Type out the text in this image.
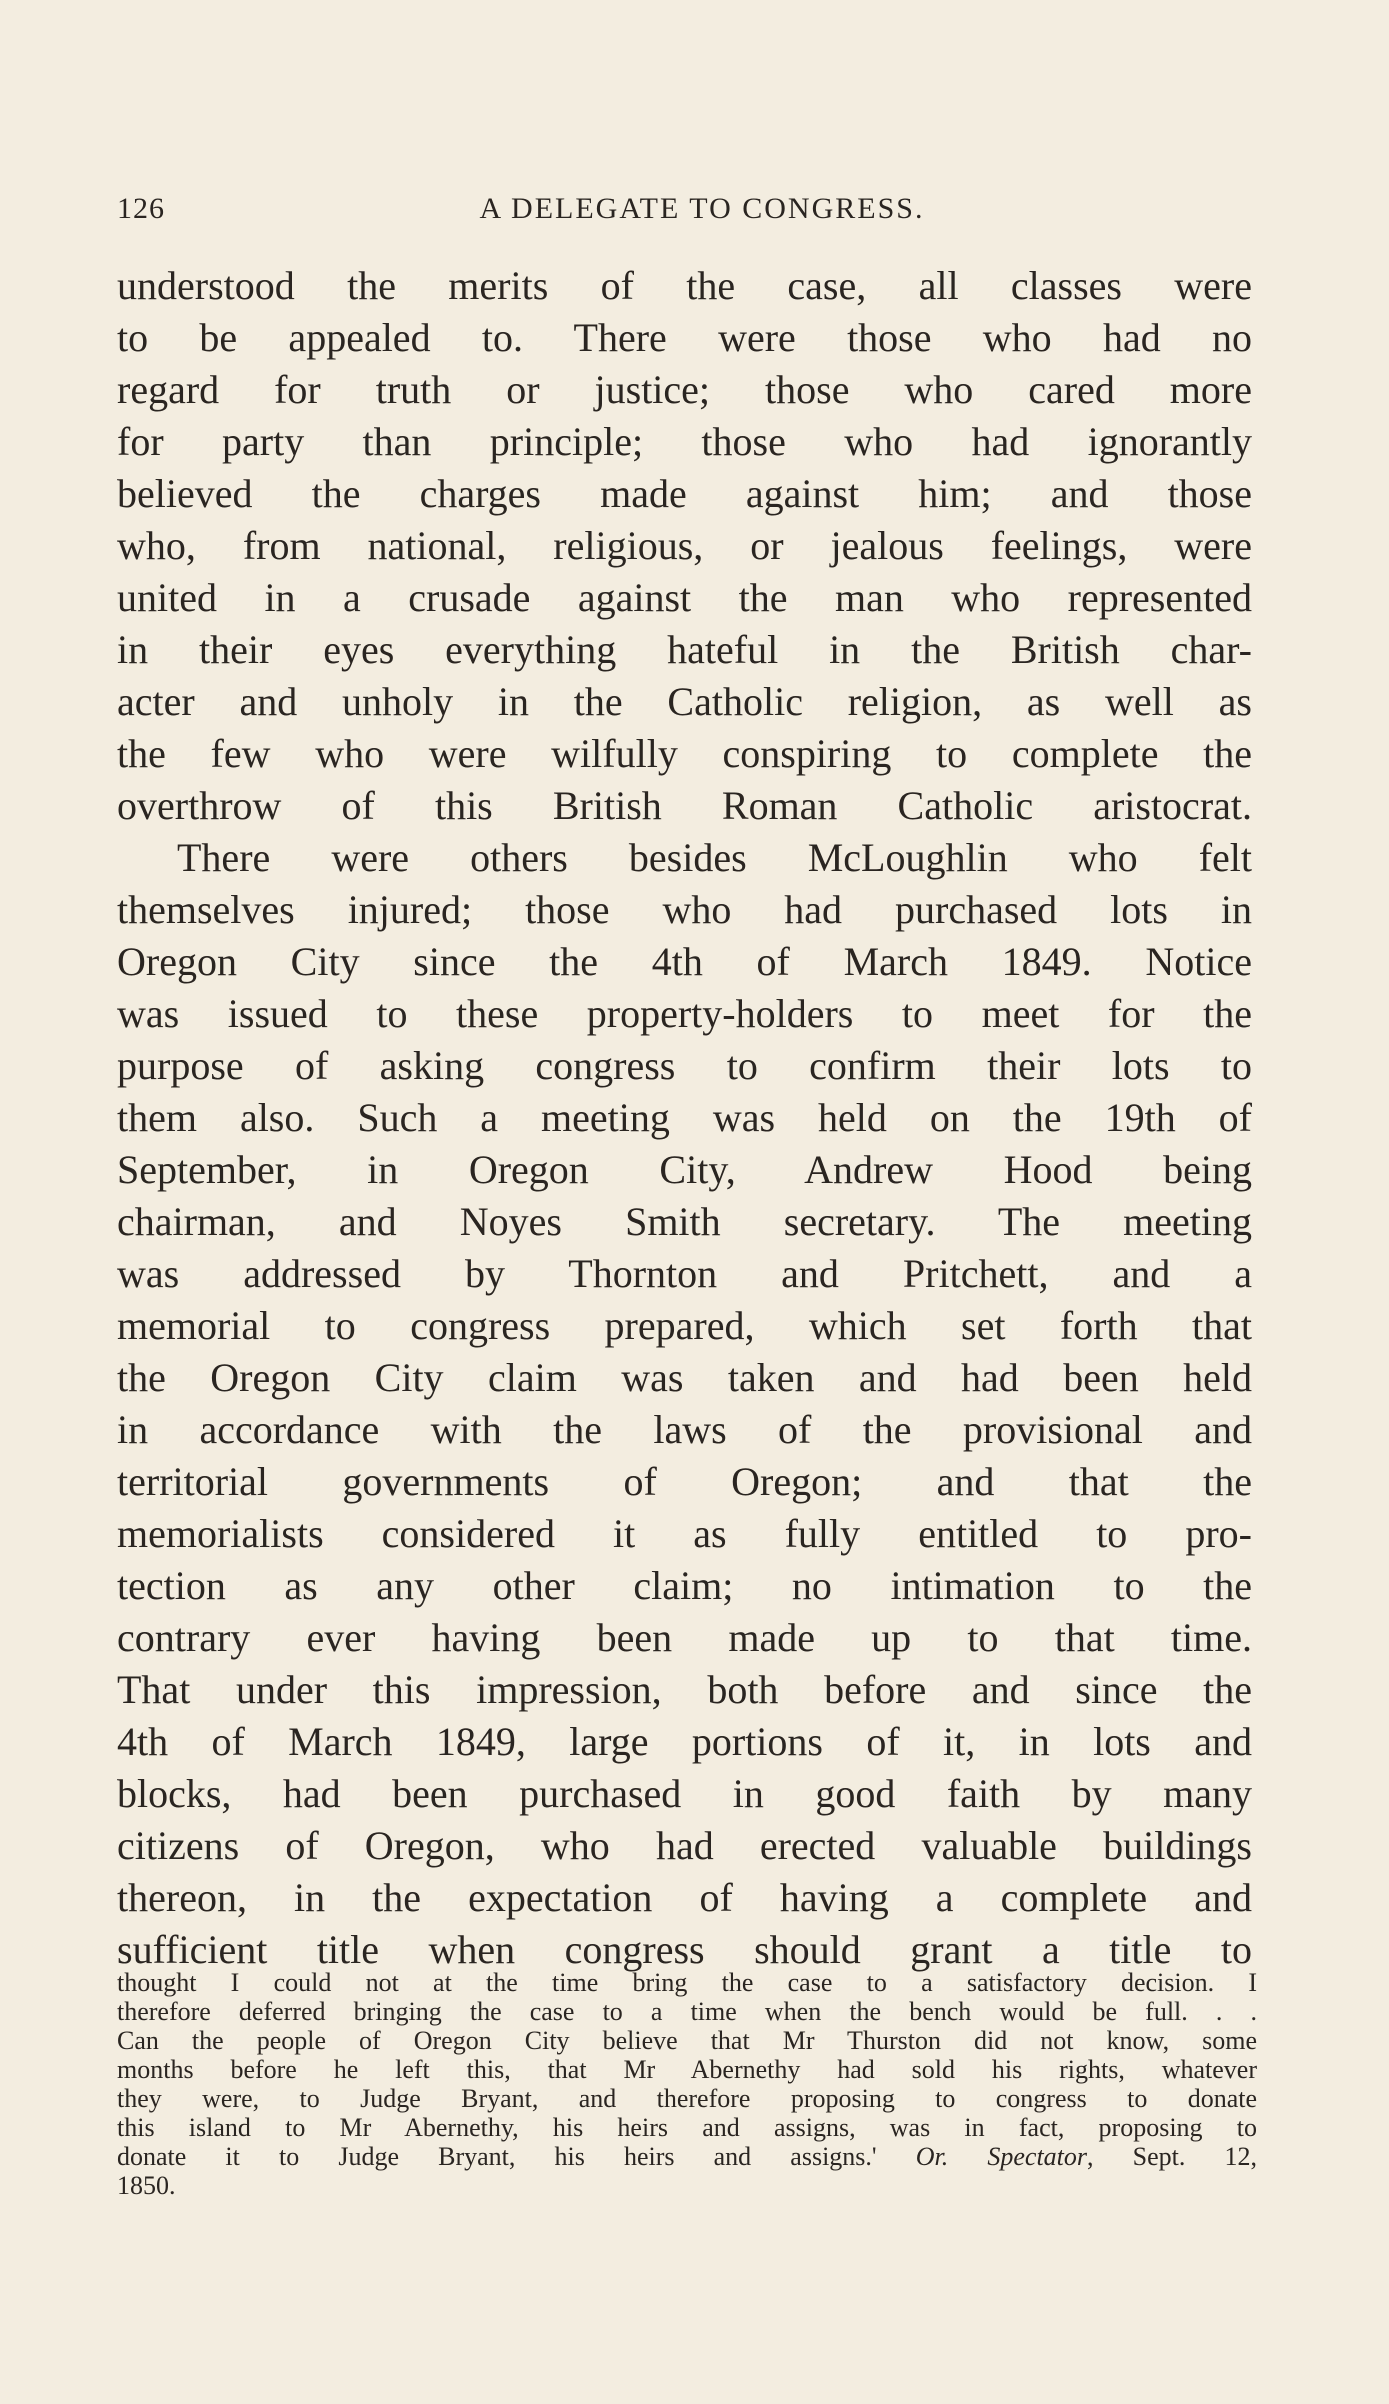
126	A DELEGATE TO CONGRESS.
understood the merits of the case, all classes were
to be appealed to. There were those who had no
regard for truth or justice; those who cared more
for party than principle; those who had ignorantly
believed the charges made against him; and those
who, from national, religious, or jealous feelings, were
united in a crusade against the man who represented
in their eyes everything hateful in the British char-
acter and unholy in the Catholic religion, as well as
the few who were wilfully conspiring to complete the
overthrow of this British Roman Catholic aristocrat.
There were others besides McLoughlin who felt
themselves injured; those who had purchased lots in
Oregon City since the 4th of March 1849. Notice
was issued to these property-holders to meet for the
purpose of asking congress to confirm their lots to
them also. Such a meeting was held on the 19th of
September, in Oregon City, Andrew Hood being
chairman, and Noyes Smith secretary. The meeting
was addressed by Thornton and Pritchett, and a
memorial to congress prepared, which set forth that
the Oregon City claim was taken and had been held
in accordance with the laws of the provisional and
territorial governments of Oregon; and that the
memorialists considered it as fully entitled to pro-
tection as any other claim; no intimation to the
contrary ever having been made up to that time.
That under this impression, both before and since the
4th of March 1849, large portions of it, in lots and
blocks, had been purchased in good faith by many
citizens of Oregon, who had erected valuable buildings
thereon, in the expectation of having a complete and
sufficient title when congress should grant a title to
thought I could not at the time bring the case to a satisfactory decision. I
therefore deferred bringing the case to a time when the bench would be full. . .
Can the people of Oregon City believe that Mr Thurston did not know, some
months before he left this, that Mr Abernethy had sold his rights, whatever
they were, to Judge Bryant, and therefore proposing to congress to donate
this island to Mr Abernethy, his heirs and assigns, was in fact, proposing to
donate it to Judge Bryant, his heirs and assigns.' Or. Spectator, Sept. 12,
1850.
